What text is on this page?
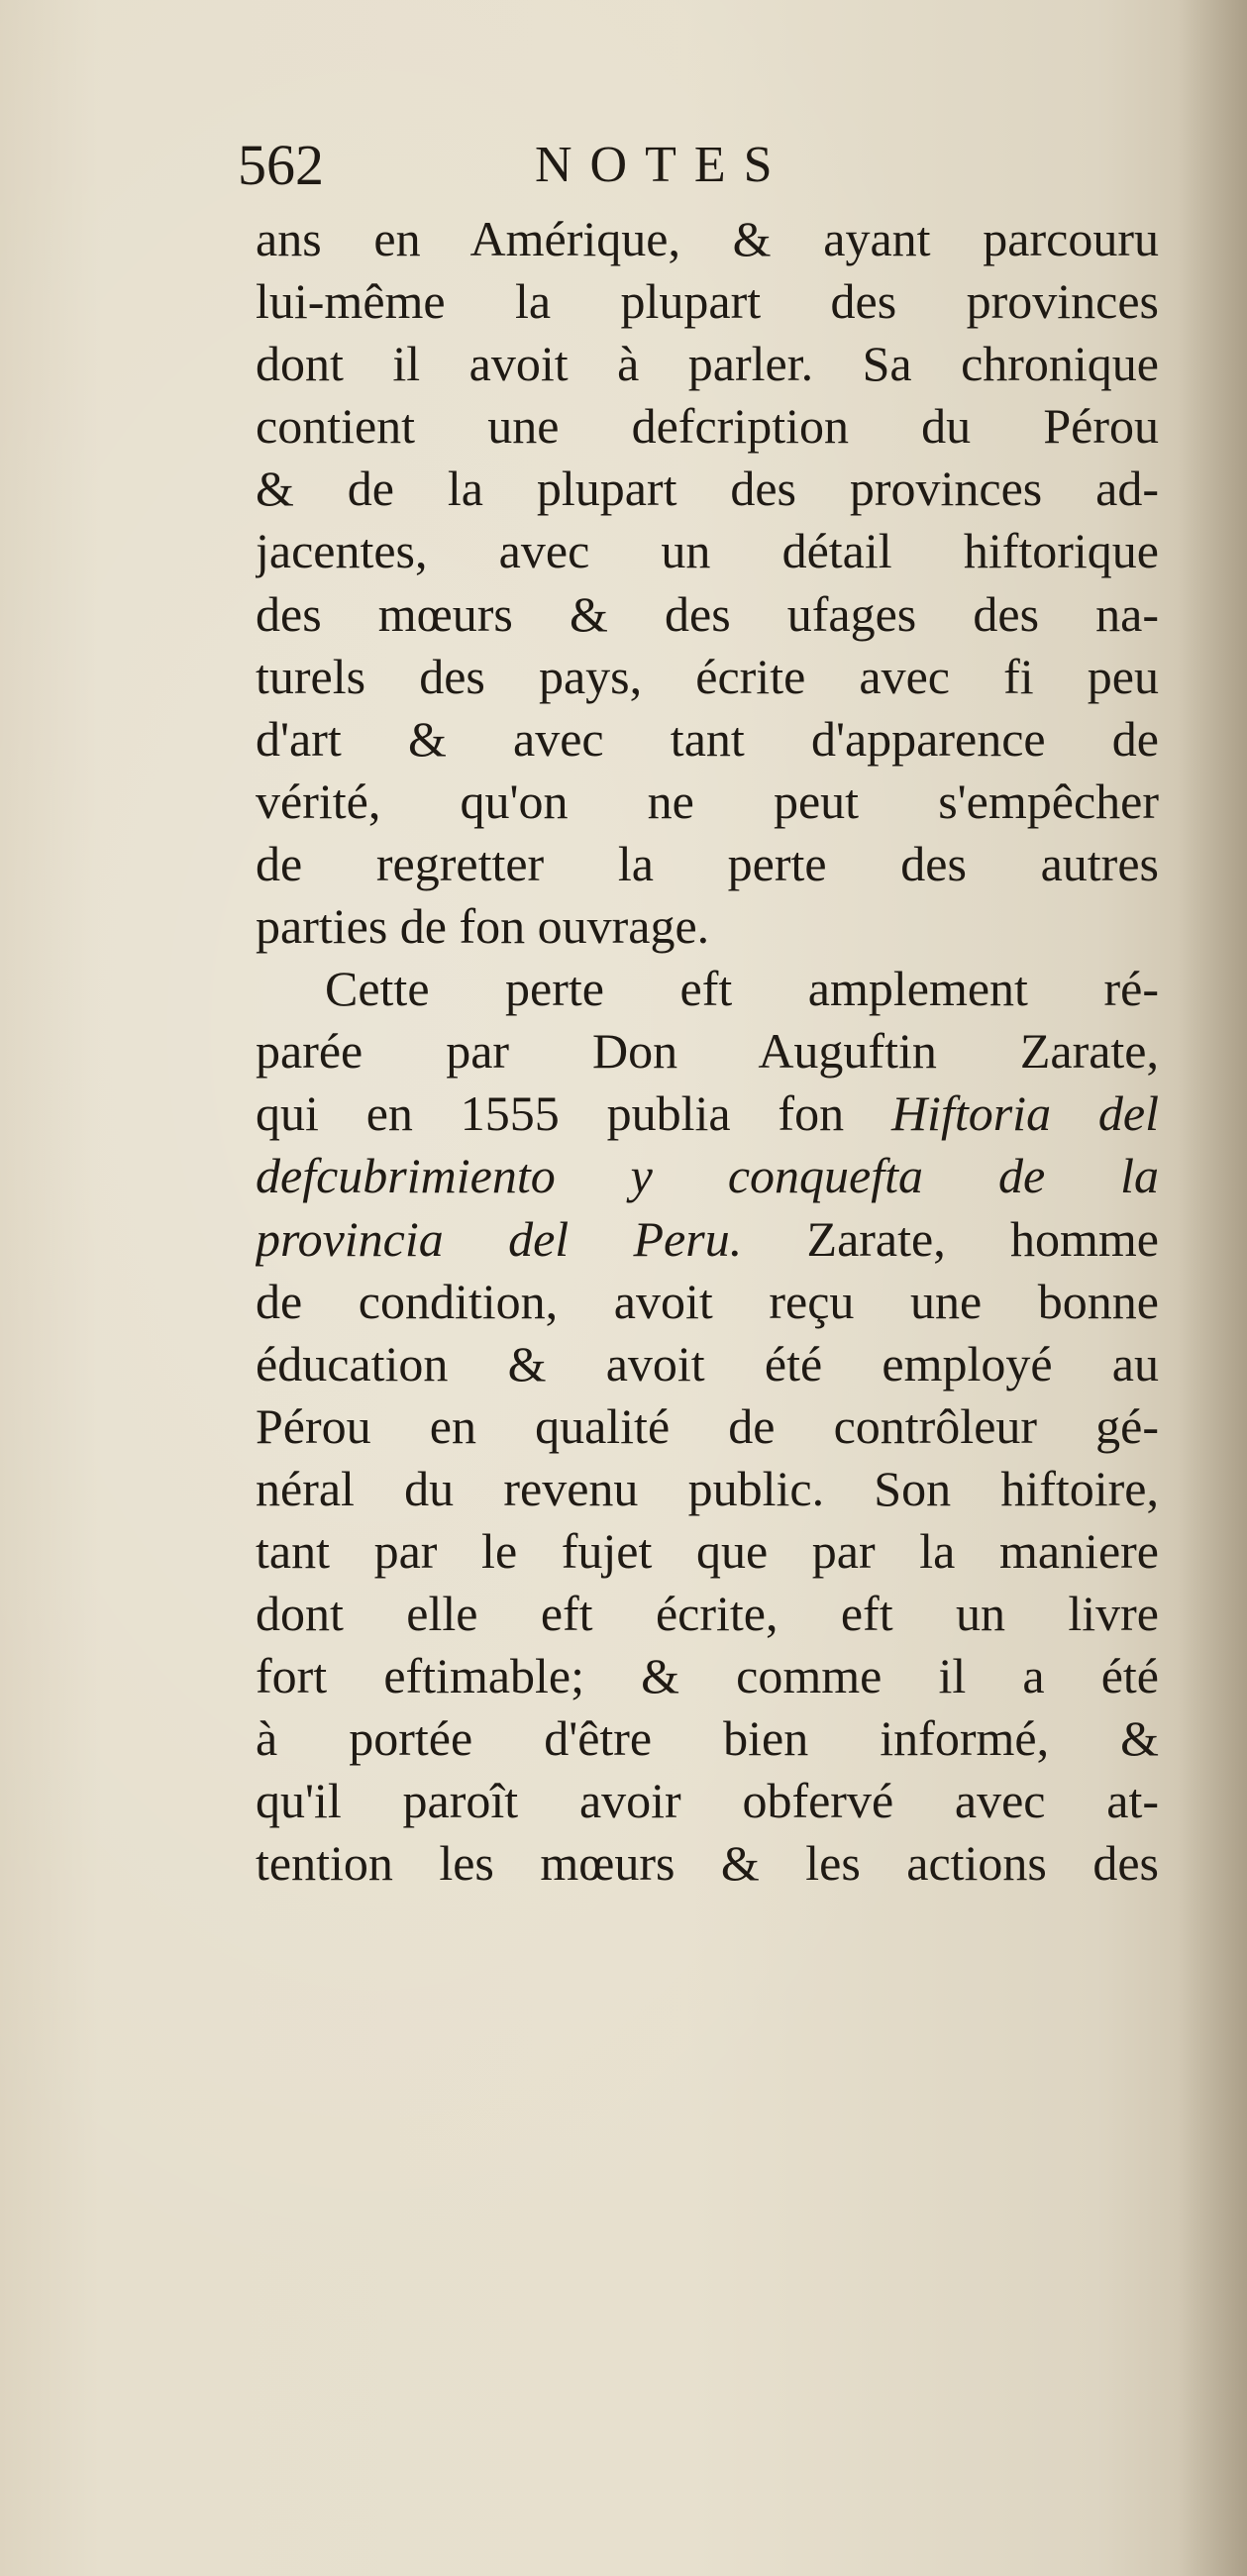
562	NOTES
ans en Amérique, & ayant parcouru
lui-même la plupart des provinces
dont il avoit à parler. Sa chronique
contient une defcription du Pérou
& de la plupart des provinces ad-
jacentes, avec un détail hiftorique
des mœurs & des ufages des na-
turels des pays, écrite avec fi peu
d'art & avec tant d'apparence de
vérité, qu'on ne peut s'empêcher
de regretter la perte des autres
parties de fon ouvrage.
Cette perte eft amplement ré-
parée par Don Auguftin Zarate,
qui en 1555 publia fon Hiftoria del
defcubrimiento y conquefta de la
provincia del Peru. Zarate, homme
de condition, avoit reçu une bonne
éducation & avoit été employé au
Pérou en qualité de contrôleur gé-
néral du revenu public. Son hiftoire,
tant par le fujet que par la maniere
dont elle eft écrite, eft un livre
fort eftimable; & comme il a été
à portée d'être bien informé, &
qu'il paroît avoir obfervé avec at-
tention les mœurs & les actions des
